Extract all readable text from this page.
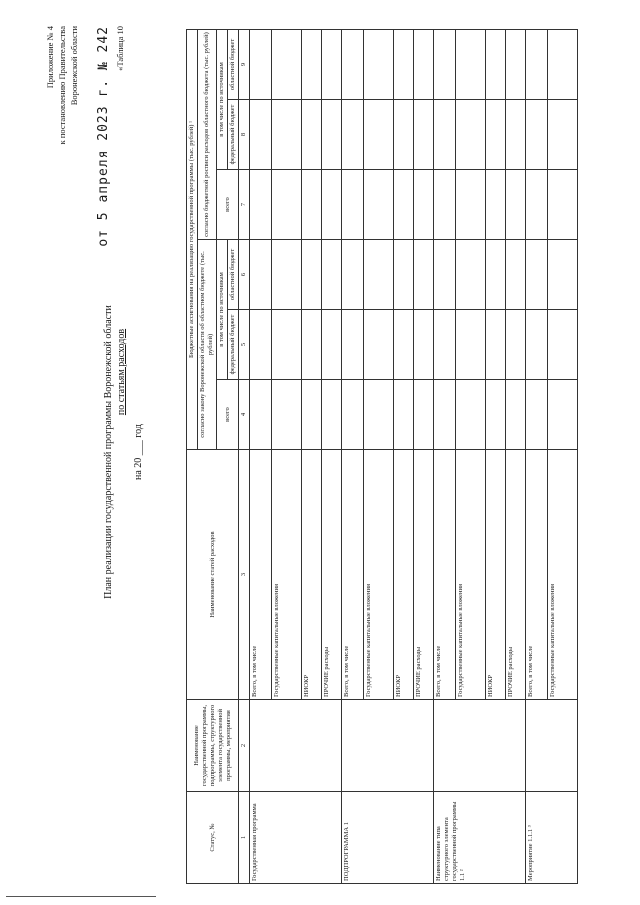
Приложение № 4 к постановлению Правительства Воронежской области от 5 апреля 2023 г. № 242 «Таблица 10
План реализации государственной программы Воронежской области по статьям расходов
на 20 ___ год
Статус, №	Наименование государственной программы, подпрограммы, структурного элемента государственной программы, мероприятия	Наименование статей расходов	Бюджетные ассигнования на реализацию государственной программы (тыс. рублей) ¹					
			согласно закону Воронежской области об областном бюджете (тыс. рублей)			согласно бюджетной росписи расходов областного бюджета (тыс. рублей)		
			всего	в том числе по источникам		всего	в том числе по источникам	
				федеральный бюджет	областной бюджет		федеральный бюджет	областной бюджет
1	2	3	4	5	6	7	8	9
Государственная программа		Всего, в том числе						
		Государственные капитальные вложения						
		НИОКР						
		ПРОЧИЕ расходы						
ПОДПРОГРАММА 1		Всего, в том числе						
		Государственные капитальные вложения						
		НИОКР						
		ПРОЧИЕ расходы						
Наименование типа структурного элемента государственной программы 1.1 ²		Всего, в том числе						
		Государственные капитальные вложения						
		НИОКР						
		ПРОЧИЕ расходы						
Мероприятие 1.1.1 ³		Всего, в том числе						
		Государственные капитальные вложения						
